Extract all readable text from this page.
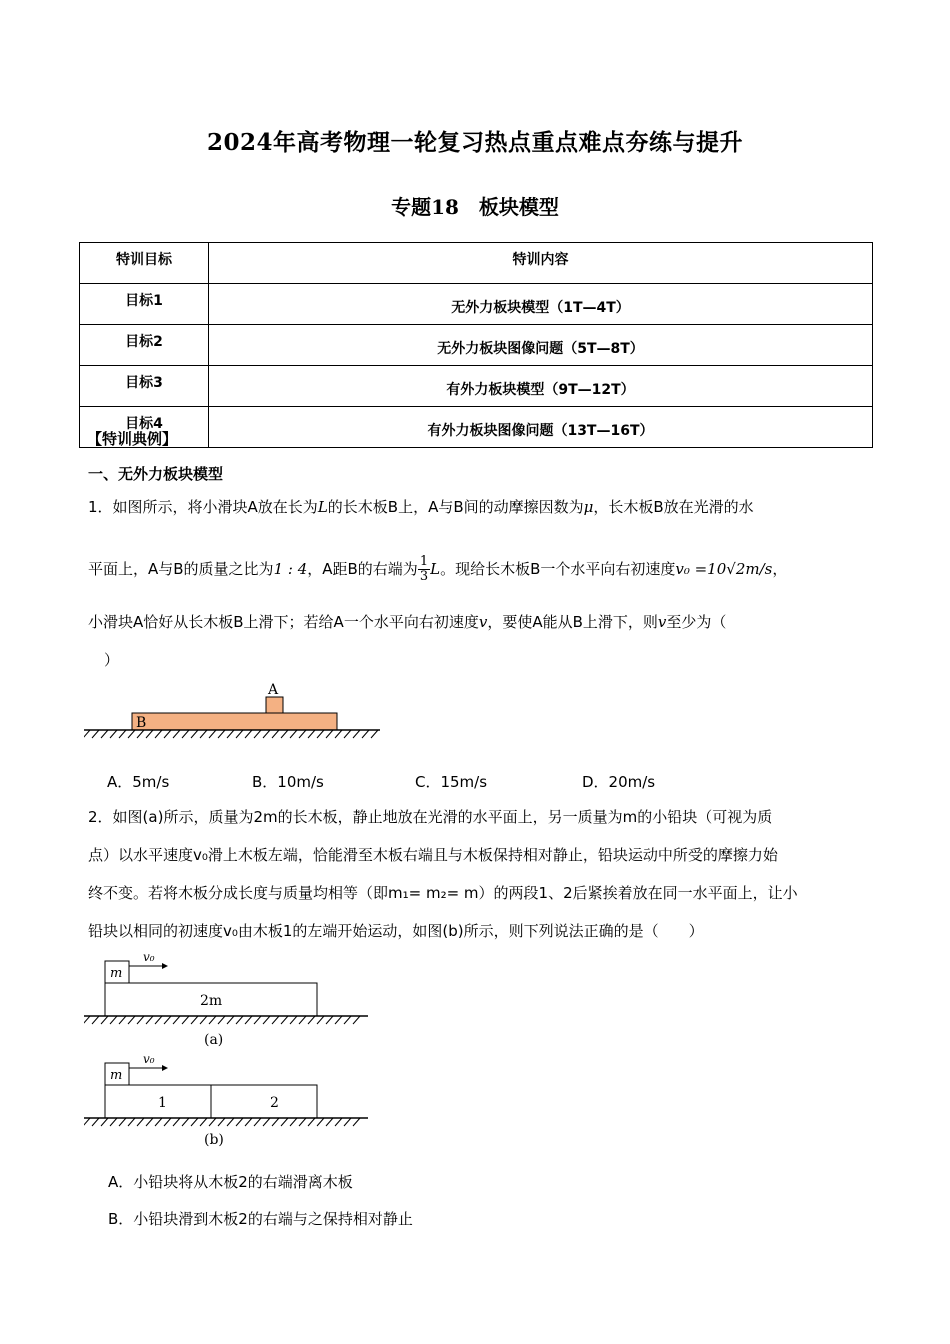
2024年高考物理一轮复习热点重点难点夯练与提升
专题18　板块模型
特训目标	特训内容
目标1	无外力板块模型（1T—4T）
目标2	无外力板块图像问题（5T—8T）
目标3	有外力板块模型（9T—12T）
目标4	有外力板块图像问题（13T—16T）
【特训典例】
一、无外力板块模型
1．如图所示，将小滑块A放在长为L的长木板B上，A与B间的动摩擦因数为μ，长木板B放在光滑的水
平面上，A与B的质量之比为1 : 4，A距B的右端为 $\frac{1}{3}$ L。现给长木板B一个水平向右初速度v₀ =10√2m/s，
小滑块A恰好从长木板B上滑下；若给A一个水平向右初速度v，要使A能从B上滑下，则v至少为（
）
A
B
A．5m/s	B．10m/s	C．15m/s	D．20m/s
2．如图(a)所示，质量为2m的长木板，静止地放在光滑的水平面上，另一质量为m的小铅块（可视为质
点）以水平速度v₀滑上木板左端，恰能滑至木板右端且与木板保持相对静止，铅块运动中所受的摩擦力始
终不变。若将木板分成长度与质量均相等（即m₁= m₂= m）的两段1、2后紧挨着放在同一水平面上，让小
铅块以相同的初速度v₀由木板1的左端开始运动，如图(b)所示，则下列说法正确的是（　　）
m
v₀
2m
(a)
m
v₀
1	2
(b)
A．小铅块将从木板2的右端滑离木板
B．小铅块滑到木板2的右端与之保持相对静止
